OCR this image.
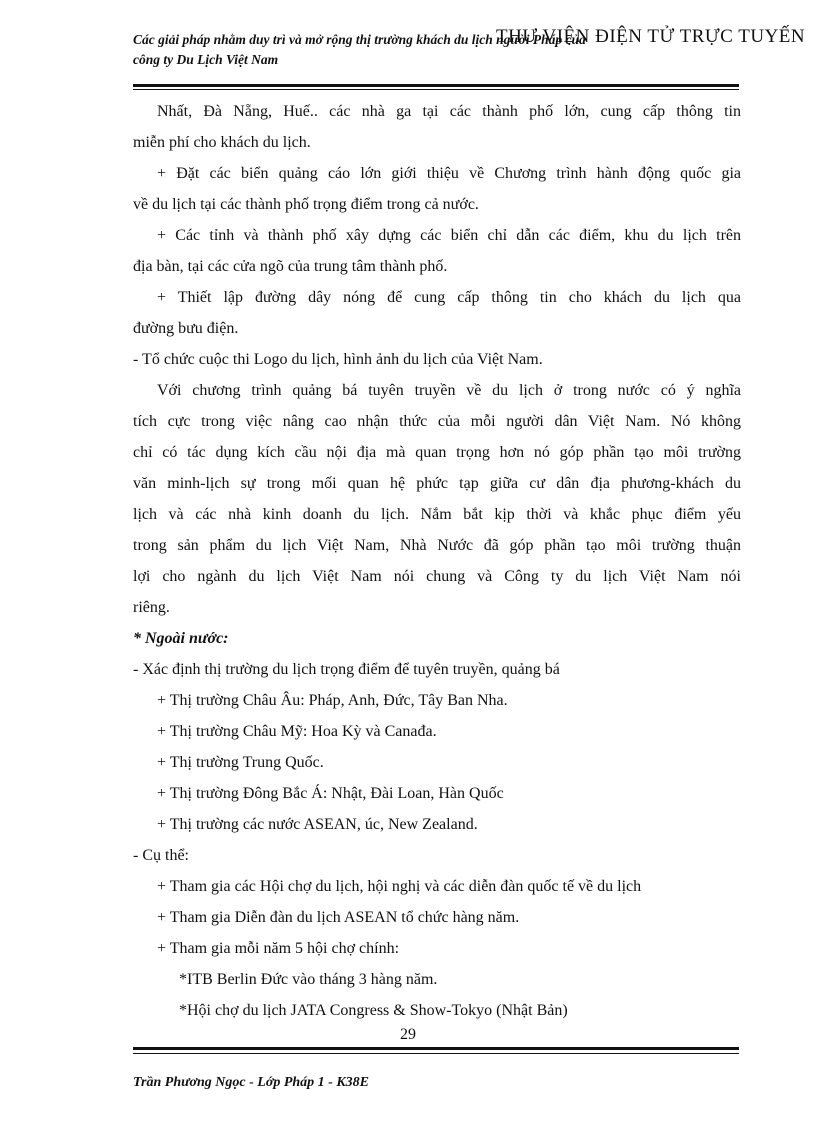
Các giải pháp nhằm duy trì và mở rộng thị trường khách du lịch người Pháp của
công ty Du Lịch Việt Nam
THƯ VIỆN ĐIỆN TỬ TRỰC TUYẾN
Nhất, Đà Nẵng, Huế.. các nhà ga tại các thành phố lớn, cung cấp thông tin
miễn phí cho khách du lịch.
+ Đặt các biển quảng cáo lớn giới thiệu về Chương trình hành động quốc gia
về du lịch tại các thành phố trọng điểm trong cả nước.
+ Các tỉnh và thành phố xây dựng các biển chỉ dẫn các điểm, khu du lịch trên
địa bàn, tại các cửa ngõ của trung tâm thành phố.
+ Thiết lập đường dây nóng để cung cấp thông tin cho khách du lịch qua
đường bưu điện.
- Tổ chức cuộc thi Logo du lịch, hình ảnh du lịch của Việt Nam.
Với chương trình quảng bá tuyên truyền về du lịch ở trong nước có ý nghĩa
tích cực trong việc nâng cao nhận thức của mỗi người dân Việt Nam. Nó không
chỉ có tác dụng kích cầu nội địa mà quan trọng hơn nó góp phần tạo môi trường
văn minh-lịch sự trong mối quan hệ phức tạp giữa cư dân địa phương-khách du
lịch và các nhà kinh doanh du lịch. Nắm bắt kịp thời và khắc phục điểm yếu
trong sản phẩm du lịch Việt Nam, Nhà Nước đã góp phần tạo môi trường thuận
lợi cho ngành du lịch Việt Nam nói chung và Công ty du lịch Việt Nam nói
riêng.
* Ngoài nước:
- Xác định thị trường du lịch trọng điểm để tuyên truyền, quảng bá
+ Thị trường Châu Âu: Pháp, Anh, Đức, Tây Ban Nha.
+ Thị trường Châu Mỹ: Hoa Kỳ và Canađa.
+ Thị trường Trung Quốc.
+ Thị trường Đông Bắc Á: Nhật, Đài Loan, Hàn Quốc
+ Thị trường các nước ASEAN, úc, New Zealand.
- Cụ thể:
+ Tham gia các Hội chợ du lịch, hội nghị và các diễn đàn quốc tế về du lịch
+ Tham gia Diễn đàn du lịch ASEAN tổ chức hàng năm.
+ Tham gia mỗi năm 5 hội chợ chính:
*ITB Berlin Đức vào tháng 3 hàng năm.
*Hội chợ du lịch JATA Congress & Show-Tokyo (Nhật Bản)
29
Trần Phương Ngọc - Lớp Pháp 1 - K38E
